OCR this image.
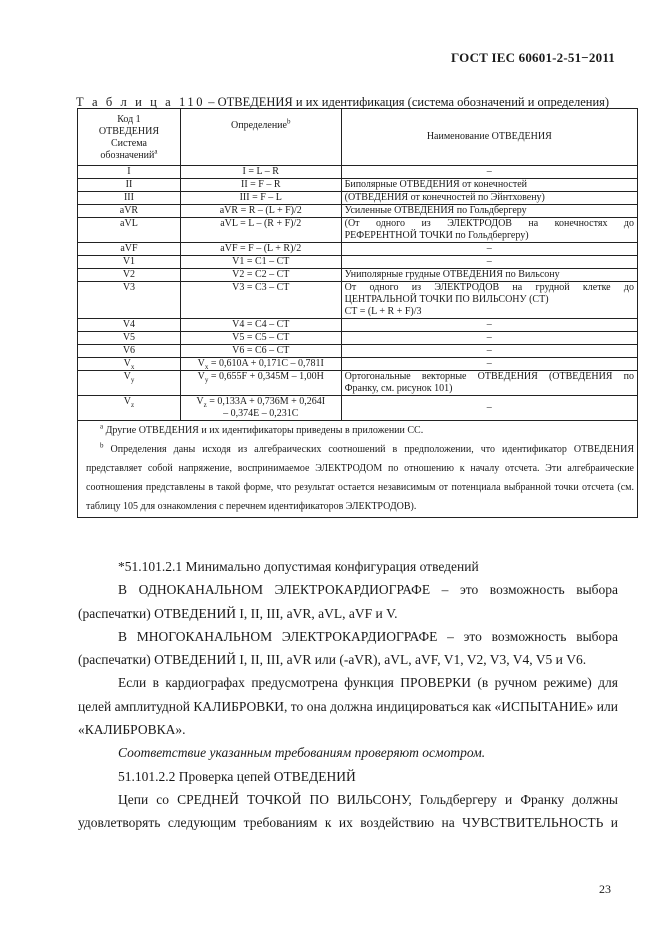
ГОСТ IEC 60601-2-51−2011
Т а б л и ц а 110 – ОТВЕДЕНИЯ и их идентификация (система обозначений и определения)
Код 1
ОТВЕДЕНИЯ
Система
обозначений$^a$	Определение$^b$	Наименование ОТВЕДЕНИЯ
I	I = L – R	–
II	II = F – R	Биполярные ОТВЕДЕНИЯ от конечностей
III	III = F – L	(ОТВЕДЕНИЯ от конечностей по Эйнтховену)
aVR	aVR = R – (L + F)/2	Усиленные ОТВЕДЕНИЯ по Гольдбергеру
aVL	aVL = L – (R + F)/2	(От одного из ЭЛЕКТРОДОВ на конечностях до
РЕФЕРЕНТНОЙ ТОЧКИ по Гольдбергеру)

aVF	aVF = F – (L + R)/2	–
V1	V1 = C1 – CT	–
V2	V2 = C2 – CT	Униполярные грудные ОТВЕДЕНИЯ по Вильсону
V3	V3 = C3 – CT	От одного из ЭЛЕКТРОДОВ на грудной клетке до
ЦЕНТРАЛЬНОЙ ТОЧКИ ПО ВИЛЬСОНУ (CT)
CT = (L + R + F)/3

V4	V4 = C4 – CT	–
V5	V5 = C5 – CT	–
V6	V6 = C6 – CT	–
$V_x$	$V_x = 0,610A + 0,171C - 0,781I$	–
$V_y$	$V_y = 0,655F + 0,345M - 1,00H$	Ортогональные векторные ОТВЕДЕНИЯ (ОТВЕДЕНИЯ по
Франку, см. рисунок 101)

$V_z$	$V_z = 0,133A + 0,736M + 0,264I$
– 0,374E – 0,231C	–

$^a$ Другие ОТВЕДЕНИЯ и их идентификаторы приведены в приложении CC.
$^b$ Определения даны исходя из алгебраических соотношений в предположении, что идентификатор ОТВЕДЕНИЯ представляет собой напряжение, воспринимаемое ЭЛЕКТРОДОМ по отношению к началу отсчета. Эти алгебраические соотношения представлены в такой форме, что результат остается независимым от потенциала выбранной точки отсчета (см. таблицу 105 для ознакомления с перечнем идентификаторов ЭЛЕКТРОДОВ).		

*51.101.2.1 Минимально допустимая конфигурация отведений

В ОДНОКАНАЛЬНОМ ЭЛЕКТРОКАРДИОГРАФЕ – это возможность выбора (распечатки) ОТВЕДЕНИЙ I, II, III, aVR, aVL, aVF и V.

В МНОГОКАНАЛЬНОМ ЭЛЕКТРОКАРДИОГРАФЕ – это возможность выбора (распечатки) ОТВЕДЕНИЙ I, II, III, aVR или (-aVR), aVL, aVF, V1, V2, V3, V4, V5 и V6.

Если в кардиографах предусмотрена функция ПРОВЕРКИ (в ручном режиме) для целей амплитудной КАЛИБРОВКИ, то она должна индицироваться как «ИСПЫТАНИЕ» или «КАЛИБРОВКА».

Соответствие указанным требованиям проверяют осмотром.

51.101.2.2 Проверка цепей ОТВЕДЕНИЙ

Цепи со СРЕДНЕЙ ТОЧКОЙ ПО ВИЛЬСОНУ, Гольдбергеру и Франку должны удовлетворять следующим требованиям к их воздействию на ЧУВСТВИТЕЛЬНОСТЬ и

23
